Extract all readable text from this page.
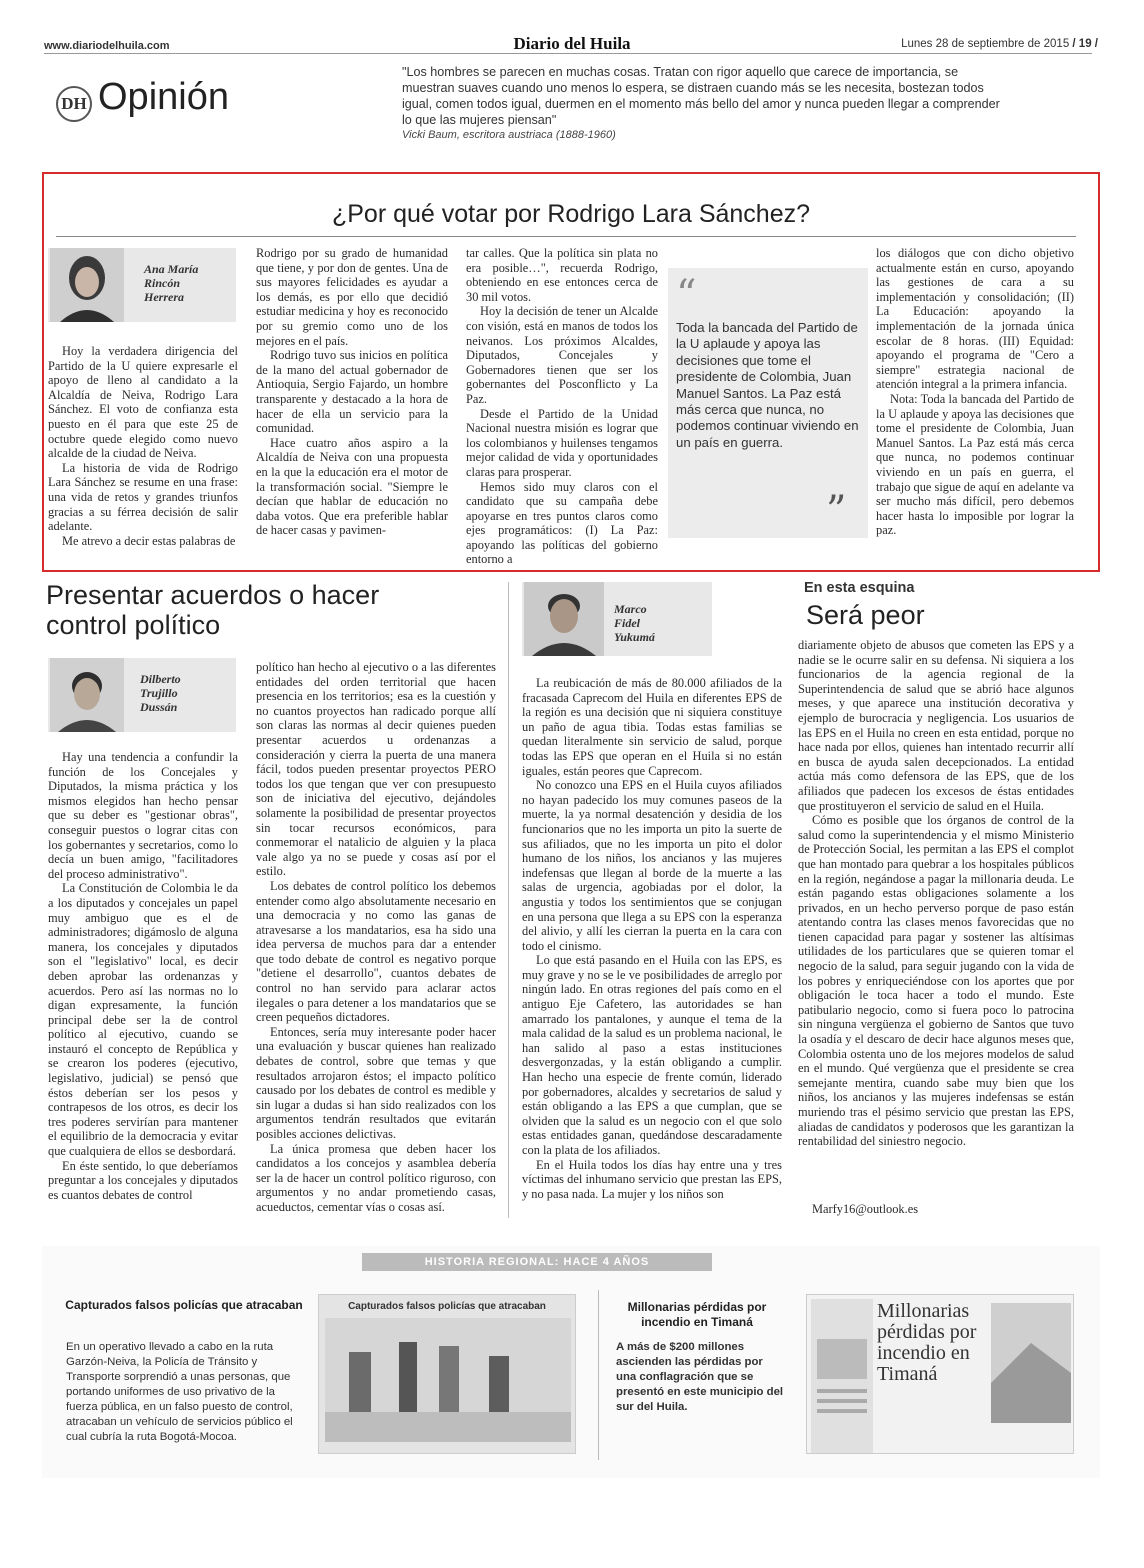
www.diariodelhuila.com	Diario del Huila	Lunes 28 de septiembre de 2015 / 19 /
DH Opinión
"Los hombres se parecen en muchas cosas. Tratan con rigor aquello que carece de importancia, se muestran suaves cuando uno menos lo espera, se distraen cuando más se les necesita, bostezan todos igual, comen todos igual, duermen en el momento más bello del amor y nunca pueden llegar a comprender lo que las mujeres piensan"
Vicki Baum, escritora austriaca (1888-1960)
¿Por qué votar por Rodrigo Lara Sánchez?
Ana María
Rincón
Herrera

Hoy la verdadera dirigencia del Partido de la U quiere expresarle el apoyo de lleno al candidato a la Alcaldía de Neiva, Rodrigo Lara Sánchez. El voto de confianza esta puesto en él para que este 25 de octubre quede elegido como nuevo alcalde de la ciudad de Neiva.

La historia de vida de Rodrigo Lara Sánchez se resume en una frase: una vida de retos y grandes triunfos gracias a su férrea decisión de salir adelante.

Me atrevo a decir estas palabras de

Rodrigo por su grado de humanidad que tiene, y por don de gentes. Una de sus mayores felicidades es ayudar a los demás, es por ello que decidió estudiar medicina y hoy es reconocido por su gremio como uno de los mejores en el país.

Rodrigo tuvo sus inicios en política de la mano del actual gobernador de Antioquia, Sergio Fajardo, un hombre transparente y destacado a la hora de hacer de ella un servicio para la comunidad.

Hace cuatro años aspiro a la Alcaldía de Neiva con una propuesta en la que la educación era el motor de la transformación social. "Siempre le decían que hablar de educación no daba votos. Que era preferible hablar de hacer casas y pavimen-

tar calles. Que la política sin plata no era posible…", recuerda Rodrigo, obteniendo en ese entonces cerca de 30 mil votos.

Hoy la decisión de tener un Alcalde con visión, está en manos de todos los neivanos. Los próximos Alcaldes, Diputados, Concejales y Gobernadores tienen que ser los gobernantes del Posconflicto y La Paz.

Desde el Partido de la Unidad Nacional nuestra misión es lograr que los colombianos y huilenses tengamos mejor calidad de vida y oportunidades claras para prosperar.

Hemos sido muy claros con el candidato que su campaña debe apoyarse en tres puntos claros como ejes programáticos: (I) La Paz: apoyando las políticas del gobierno entorno a

“
Toda la bancada del Partido de la U aplaude y apoya las decisiones que tome el presidente de Colombia, Juan Manuel Santos. La Paz está más cerca que nunca, no podemos continuar viviendo en un país en guerra.
”

los diálogos que con dicho objetivo actualmente están en curso, apoyando las gestiones de cara a su implementación y consolidación; (II) La Educación: apoyando la implementación de la jornada única escolar de 8 horas. (III) Equidad: apoyando el programa de "Cero a siempre" estrategia nacional de atención integral a la primera infancia.

Nota: Toda la bancada del Partido de la U aplaude y apoya las decisiones que tome el presidente de Colombia, Juan Manuel Santos. La Paz está más cerca que nunca, no podemos continuar viviendo en un país en guerra, el trabajo que sigue de aquí en adelante va ser mucho más difícil, pero debemos hacer hasta lo imposible por lograr la paz.

Presentar acuerdos o hacer control político
Dilberto
Trujillo
Dussán

Hay una tendencia a confundir la función de los Concejales y Diputados, la misma práctica y los mismos elegidos han hecho pensar que su deber es "gestionar obras", conseguir puestos o lograr citas con los gobernantes y secretarios, como lo decía un buen amigo, "facilitadores del proceso administrativo".

La Constitución de Colombia le da a los diputados y concejales un papel muy ambiguo que es el de administradores; digámoslo de alguna manera, los concejales y diputados son el "legislativo" local, es decir deben aprobar las ordenanzas y acuerdos. Pero así las normas no lo digan expresamente, la función principal debe ser la de control político al ejecutivo, cuando se instauró el concepto de República y se crearon los poderes (ejecutivo, legislativo, judicial) se pensó que éstos deberían ser los pesos y contrapesos de los otros, es decir los tres poderes servirían para mantener el equilibrio de la democracia y evitar que cualquiera de ellos se desbordará.

En éste sentido, lo que deberíamos preguntar a los concejales y diputados es cuantos debates de control

político han hecho al ejecutivo o a las diferentes entidades del orden territorial que hacen presencia en los territorios; esa es la cuestión y no cuantos proyectos han radicado porque allí son claras las normas al decir quienes pueden presentar acuerdos u ordenanzas a consideración y cierra la puerta de una manera fácil, todos pueden presentar proyectos PERO todos los que tengan que ver con presupuesto son de iniciativa del ejecutivo, dejándoles solamente la posibilidad de presentar proyectos sin tocar recursos económicos, para conmemorar el natalicio de alguien y la placa vale algo ya no se puede y cosas así por el estilo.

Los debates de control político los debemos entender como algo absolutamente necesario en una democracia y no como las ganas de atravesarse a los mandatarios, esa ha sido una idea perversa de muchos para dar a entender que todo debate de control es negativo porque "detiene el desarrollo", cuantos debates de control no han servido para aclarar actos ilegales o para detener a los mandatarios que se creen pequeños dictadores.

Entonces, sería muy interesante poder hacer una evaluación y buscar quienes han realizado debates de control, sobre que temas y que resultados arrojaron éstos; el impacto político causado por los debates de control es medible y sin lugar a dudas si han sido realizados con los argumentos tendrán resultados que evitarán posibles acciones delictivas.

La única promesa que deben hacer los candidatos a los concejos y asamblea debería ser la de hacer un control político riguroso, con argumentos y no andar prometiendo casas, acueductos, cementar vías o cosas así.

Marco
Fidel
Yukumá

La reubicación de más de 80.000 afiliados de la fracasada Caprecom del Huila en diferentes EPS de la región es una decisión que ni siquiera constituye un paño de agua tibia. Todas estas familias se quedan literalmente sin servicio de salud, porque todas las EPS que operan en el Huila si no están iguales, están peores que Caprecom.

No conozco una EPS en el Huila cuyos afiliados no hayan padecido los muy comunes paseos de la muerte, la ya normal desatención y desidia de los funcionarios que no les importa un pito la suerte de sus afiliados, que no les importa un pito el dolor humano de los niños, los ancianos y las mujeres indefensas que llegan al borde de la muerte a las salas de urgencia, agobiadas por el dolor, la angustia y todos los sentimientos que se conjugan en una persona que llega a su EPS con la esperanza del alivio, y allí les cierran la puerta en la cara con todo el cinismo.

Lo que está pasando en el Huila con las EPS, es muy grave y no se le ve posibilidades de arreglo por ningún lado. En otras regiones del país como en el antiguo Eje Cafetero, las autoridades se han amarrado los pantalones, y aunque el tema de la mala calidad de la salud es un problema nacional, le han salido al paso a estas instituciones desvergonzadas, y la están obligando a cumplir. Han hecho una especie de frente común, liderado por gobernadores, alcaldes y secretarios de salud y están obligando a las EPS a que cumplan, que se olviden que la salud es un negocio con el que solo estas entidades ganan, quedándose descaradamente con la plata de los afiliados.

En el Huila todos los días hay entre una y tres víctimas del inhumano servicio que prestan las EPS, y no pasa nada. La mujer y los niños son

En esta esquina
Será peor

diariamente objeto de abusos que cometen las EPS y a nadie se le ocurre salir en su defensa. Ni siquiera a los funcionarios de la agencia regional de la Superintendencia de salud que se abrió hace algunos meses, y que aparece una institución decorativa y ejemplo de burocracia y negligencia. Los usuarios de las EPS en el Huila no creen en esta entidad, porque no hace nada por ellos, quienes han intentado recurrir allí en busca de ayuda salen decepcionados. La entidad actúa más como defensora de las EPS, que de los afiliados que padecen los excesos de éstas entidades que prostituyeron el servicio de salud en el Huila.

Cómo es posible que los órganos de control de la salud como la superintendencia y el mismo Ministerio de Protección Social, les permitan a las EPS el complot que han montado para quebrar a los hospitales públicos en la región, negándose a pagar la millonaria deuda. Le están pagando estas obligaciones solamente a los privados, en un hecho perverso porque de paso están atentando contra las clases menos favorecidas que no tienen capacidad para pagar y sostener las altísimas utilidades de los particulares que se quieren tomar el negocio de la salud, para seguir jugando con la vida de los pobres y enriqueciéndose con los aportes que por obligación le toca hacer a todo el mundo. Este patibulario negocio, como si fuera poco lo patrocina sin ninguna vergüenza el gobierno de Santos que tuvo la osadía y el descaro de decir hace algunos meses que, Colombia ostenta uno de los mejores modelos de salud en el mundo. Qué vergüenza que el presidente se crea semejante mentira, cuando sabe muy bien que los niños, los ancianos y las mujeres indefensas se están muriendo tras el pésimo servicio que prestan las EPS, aliadas de candidatos y poderosos que les garantizan la rentabilidad del siniestro negocio.

Marfy16@outlook.es
HISTORIA REGIONAL: HACE 4 AÑOS
Capturados falsos policías que atracaban
En un operativo llevado a cabo en la ruta Garzón-Neiva, la Policía de Tránsito y Transporte sorprendió a unas personas, que portando uniformes de uso privativo de la fuerza pública, en un falso puesto de control, atracaban un vehículo de servicios público el cual cubría la ruta Bogotá-Mocoa.
Capturados falsos policías que atracaban	Millonarias pérdidas por incendio en Timaná
A más de $200 millones ascienden las pérdidas por una conflagración que se presentó en este municipio del sur del Huila.
Millonarias pérdidas por incendio en Timaná
